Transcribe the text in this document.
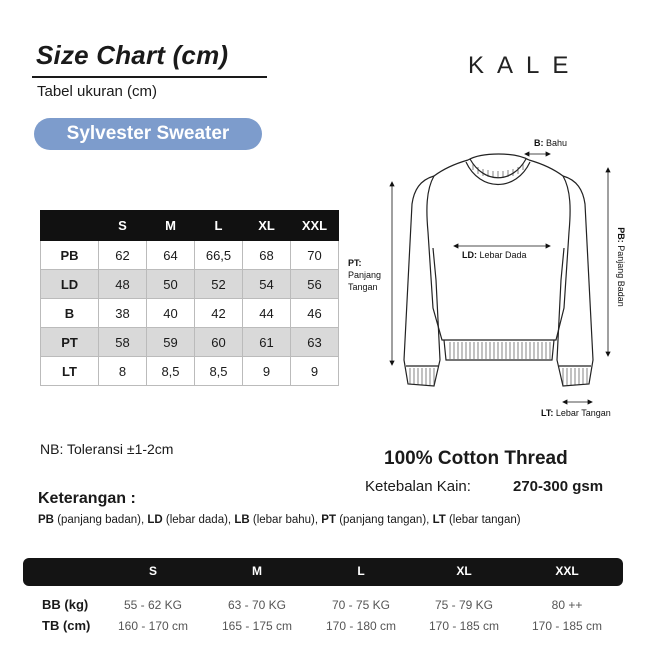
Size Chart (cm)
Tabel ukuran (cm)
KALE
Sylvester Sweater
	S	M	L	XL	XXL
PB	62	64	66,5	68	70
LD	48	50	52	54	56
B	38	40	42	44	46
PT	58	59	60	61	63
LT	8	8,5	8,5	9	9
B: Bahu
LD: Lebar Dada
PT:
Panjang
Tangan
PB: Panjang Badan
LT: Lebar Tangan
NB: Toleransi ±1-2cm	100% Cotton Thread
Ketebalan Kain:	270-300 gsm
Keterangan :
PB (panjang badan), LD (lebar dada), LB (lebar bahu), PT (panjang tangan), LT (lebar tangan)
S	M	L	XL	XXL
BB (kg)	55 - 62 KG	63 - 70 KG	70 - 75 KG	75 - 79 KG	80 ++
TB (cm)	160 - 170 cm	165 - 175 cm	170 - 180 cm	170 - 185 cm	170 - 185 cm
